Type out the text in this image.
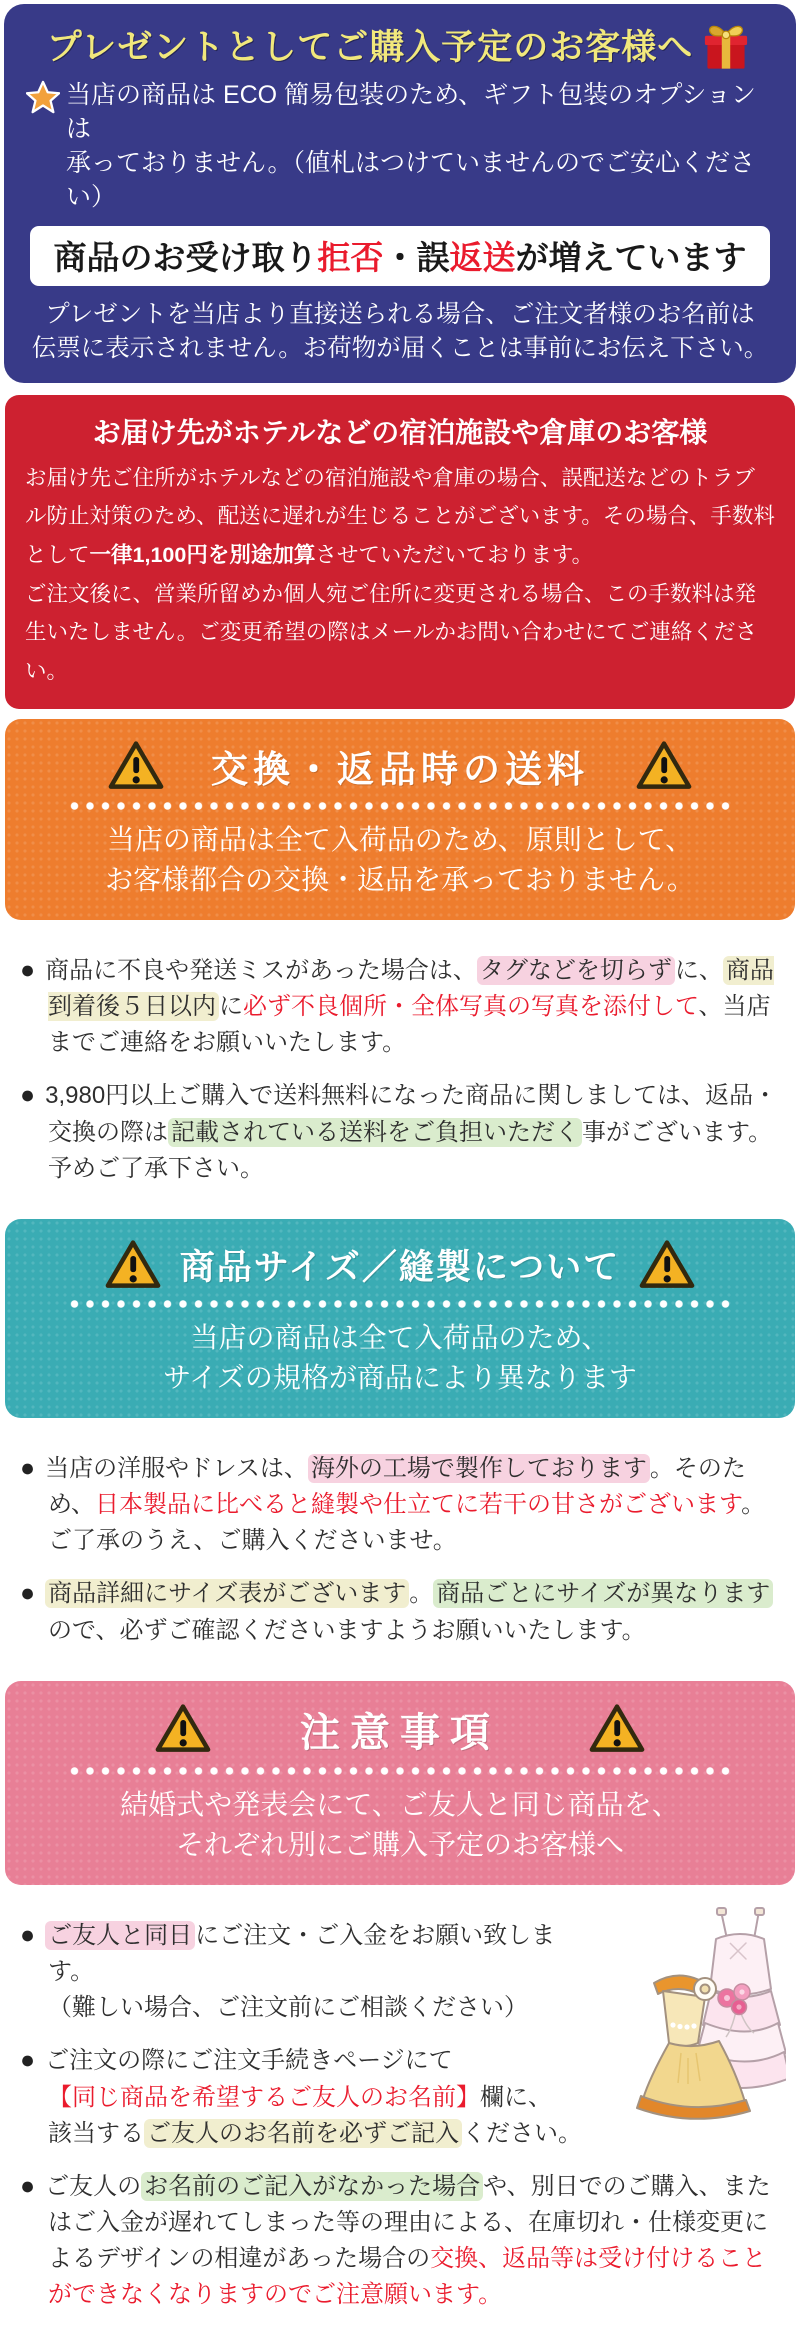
プレゼントとしてご購入予定のお客様へ

当店の商品は ECO 簡易包装のため、ギフト包装のオプションは
承っておりません。（値札はつけていませんのでご安心ください）

商品のお受け取り拒否・誤返送が増えています

プレゼントを当店より直接送られる場合、ご注文者様のお名前は
伝票に表示されません。お荷物が届くことは事前にお伝え下さい。

お届け先がホテルなどの宿泊施設や倉庫のお客様

お届け先ご住所がホテルなどの宿泊施設や倉庫の場合、誤配送などのトラブル防止対策のため、配送に遅れが生じることがございます。その場合、手数料として一律1,100円を別途加算させていただいております。

ご注文後に、営業所留めか個人宛ご住所に変更される場合、この手数料は発生いたしません。ご変更希望の際はメールかお問い合わせにてご連絡ください。

交換・返品時の送料

当店の商品は全て入荷品のため、原則として、

お客様都合の交換・返品を承っておりません。

● 商品に不良や発送ミスがあった場合は、 タグなどを切らず に、 商品到着後５日以内 に必ず不良個所・全体写真の写真を添付して、当店までご連絡をお願いいたします。

● 3,980円以上ご購入で送料無料になった商品に関しましては、返品・交換の際は 記載されている送料をご負担いただく 事がございます。予めご了承下さい。

商品サイズ／縫製について

当店の商品は全て入荷品のため、

サイズの規格が商品により異なります

● 当店の洋服やドレスは、 海外の工場で製作しております 。そのため、日本製品に比べると縫製や仕立てに若干の甘さがございます。ご了承のうえ、ご購入くださいませ。

● 商品詳細にサイズ表がございます 。 商品ごとにサイズが異なりますので、必ずご確認くださいますようお願いいたします。

注意事項

結婚式や発表会にて、ご友人と同じ商品を、

それぞれ別にご購入予定のお客様へ

● ご友人と同日 にご注文・ご入金をお願い致します。
（難しい場合、ご注文前にご相談ください）

● ご注文の際にご注文手続きページにて
【同じ商品を希望するご友人のお名前】欄に、
該当する ご友人のお名前を必ずご記入 ください。

● ご友人の お名前のご記入がなかった場合 や、別日でのご購入、またはご入金が遅れてしまった等の理由による、在庫切れ・仕様変更によるデザインの相違があった場合の交換、返品等は受け付けることができなくなりますのでご注意願います。
